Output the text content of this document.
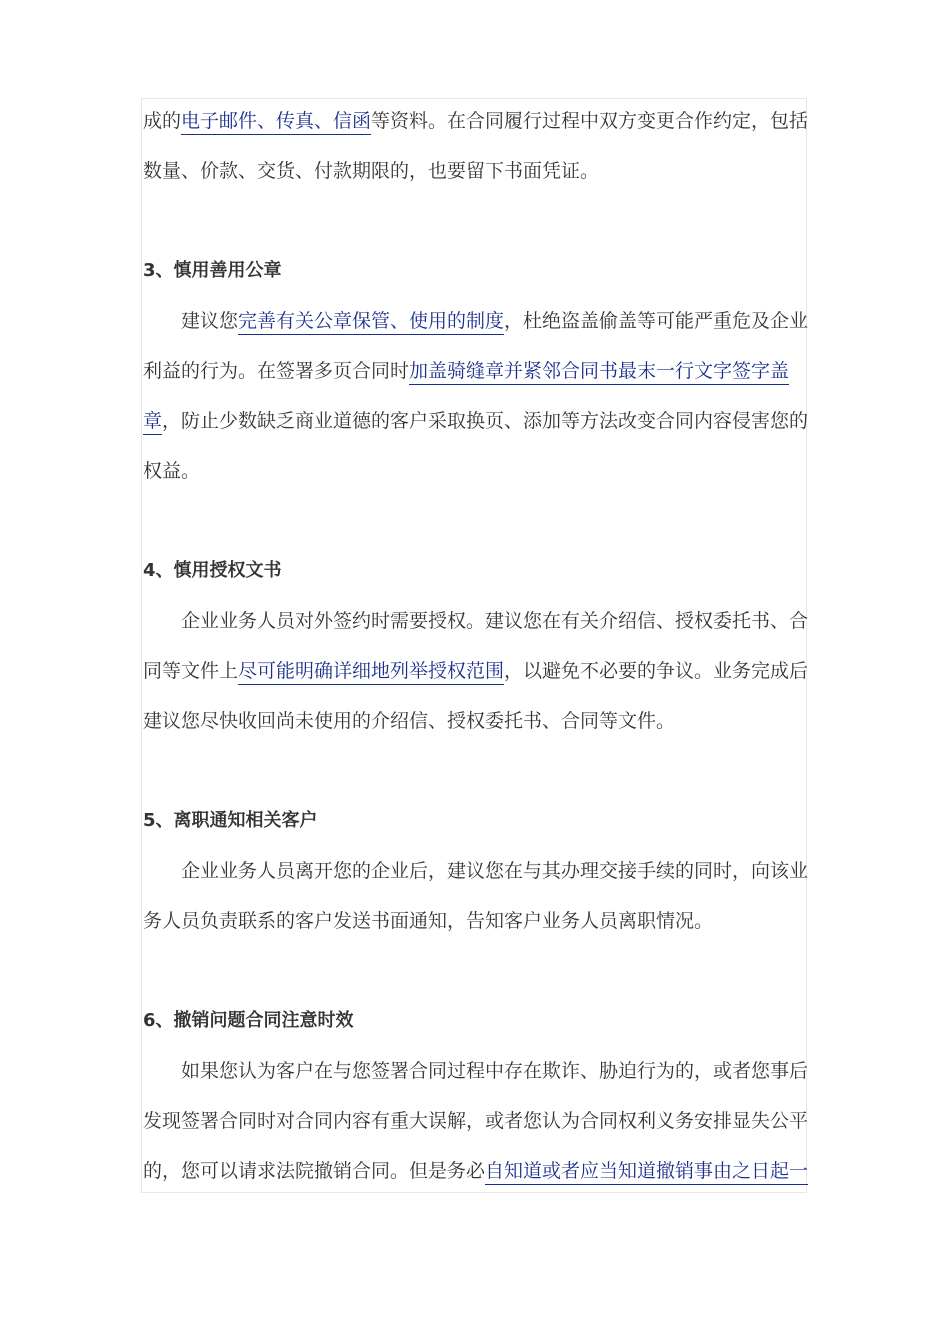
成的电子邮件、传真、信函等资料。在合同履行过程中双方变更合作约定，包括数量、价款、交货、付款期限的，也要留下书面凭证。

3、慎用善用公章

建议您完善有关公章保管、使用的制度，杜绝盗盖偷盖等可能严重危及企业利益的行为。在签署多页合同时加盖骑缝章并紧邻合同书最末一行文字签字盖章，防止少数缺乏商业道德的客户采取换页、添加等方法改变合同内容侵害您的权益。

4、慎用授权文书

企业业务人员对外签约时需要授权。建议您在有关介绍信、授权委托书、合同等文件上尽可能明确详细地列举授权范围，以避免不必要的争议。业务完成后建议您尽快收回尚未使用的介绍信、授权委托书、合同等文件。

5、离职通知相关客户

企业业务人员离开您的企业后，建议您在与其办理交接手续的同时，向该业务人员负责联系的客户发送书面通知，告知客户业务人员离职情况。

6、撤销问题合同注意时效

如果您认为客户在与您签署合同过程中存在欺诈、胁迫行为的，或者您事后发现签署合同时对合同内容有重大误解，或者您认为合同权利义务安排显失公平的，您可以请求法院撤销合同。但是务必自知道或者应当知道撤销事由之日起一
